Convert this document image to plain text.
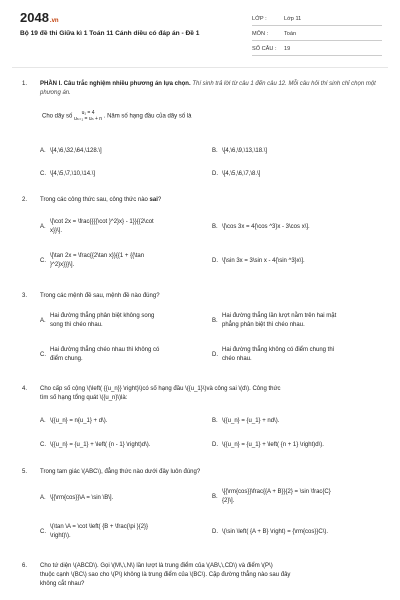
2048.vn
Bộ 19 đề thi Giữa kì 1 Toán 11 Cánh diều có đáp án - Đề 1
LỚP :	Lớp 11
MÔN :	Toán
SỐ CÂU : 19
1. PHẦN I. Câu trắc nghiệm nhiều phương án lựa chọn. Thí sinh trả lời từ câu 1 đến câu 12. Mỗi câu hỏi thí sinh chỉ chọn một phương án.
Cho dãy số
u₁ = 4
uₙ₊₁ = uₙ + n . Năm số hạng đầu của dãy số là
A. \[4,\6,\32,\64,\128.\]	B. \[4,\6,\9,\13,\18.\]
C. \[4,\5,\7,\10,\14.\]	D. \[4,\5,\6,\7,\8.\]
2. Trong các công thức sau, công thức nào sai?
A.
\[\cot 2x = \frac{{{{\cot }^2}x} - 1}}{{2\cot
x}}\].
B. \[\cos 3x = 4{\cos ^3}x - 3\cos x\].
C.
\[\tan 2x = \frac{{2\tan x}}{{1 + {{\tan
}^2}x}}}\].
D. \[\sin 3x = 3\sin x - 4{\sin ^3}x\].
3. Trong các mệnh đề sau, mệnh đề nào đúng?
A.
Hai đường thẳng phân biệt không song
song thì chéo nhau.
B.
Hai đường thẳng lần lượt nằm trên hai mặt
phẳng phân biệt thì chéo nhau.
C.
Hai đường thẳng chéo nhau thì không có
điểm chung.
D.
Hai đường thẳng không có điểm chung thì
chéo nhau.
4. Cho cấp số cộng \(\left( {{u_n}} \right)\)có số hạng đầu \({u_1}\)và công sai \(d\). Công thức
tìm số hạng tổng quát \({u_n}\)là:
A. \({u_n} = n{u_1} + d\).	B. \({u_n} = {u_1} + nd\).
C. \({u_n} = {u_1} + \left( {n - 1} \right)d\).	D. \({u_n} = {u_1} + \left( {n + 1} \right)d\).
5. Trong tam giác \(ABC\), đẳng thức nào dưới đây luôn đúng?
A. \[{\rm{cos}}\A = \sin \B\].	B.
\[{\rm{cos}}\frac{{A + B}}{2} = \sin \frac{C}
{2}\].
C.
\(\tan \A = \cot \left( {B + \frac{\pi }{2}}
\right)\).
D. \(\sin \left( {A + B} \right) = {\rm{cos}}C\).
6. Cho tứ diện \(ABCD\). Gọi \(M\,\,N\) lần lượt là trung điểm của \(AB\,\,CD\) và điểm \(P\)
thuộc cạnh \(BC\) sao cho \(P\) không là trung điểm của \(BC\). Cặp đường thẳng nào sau đây
không cắt nhau?
